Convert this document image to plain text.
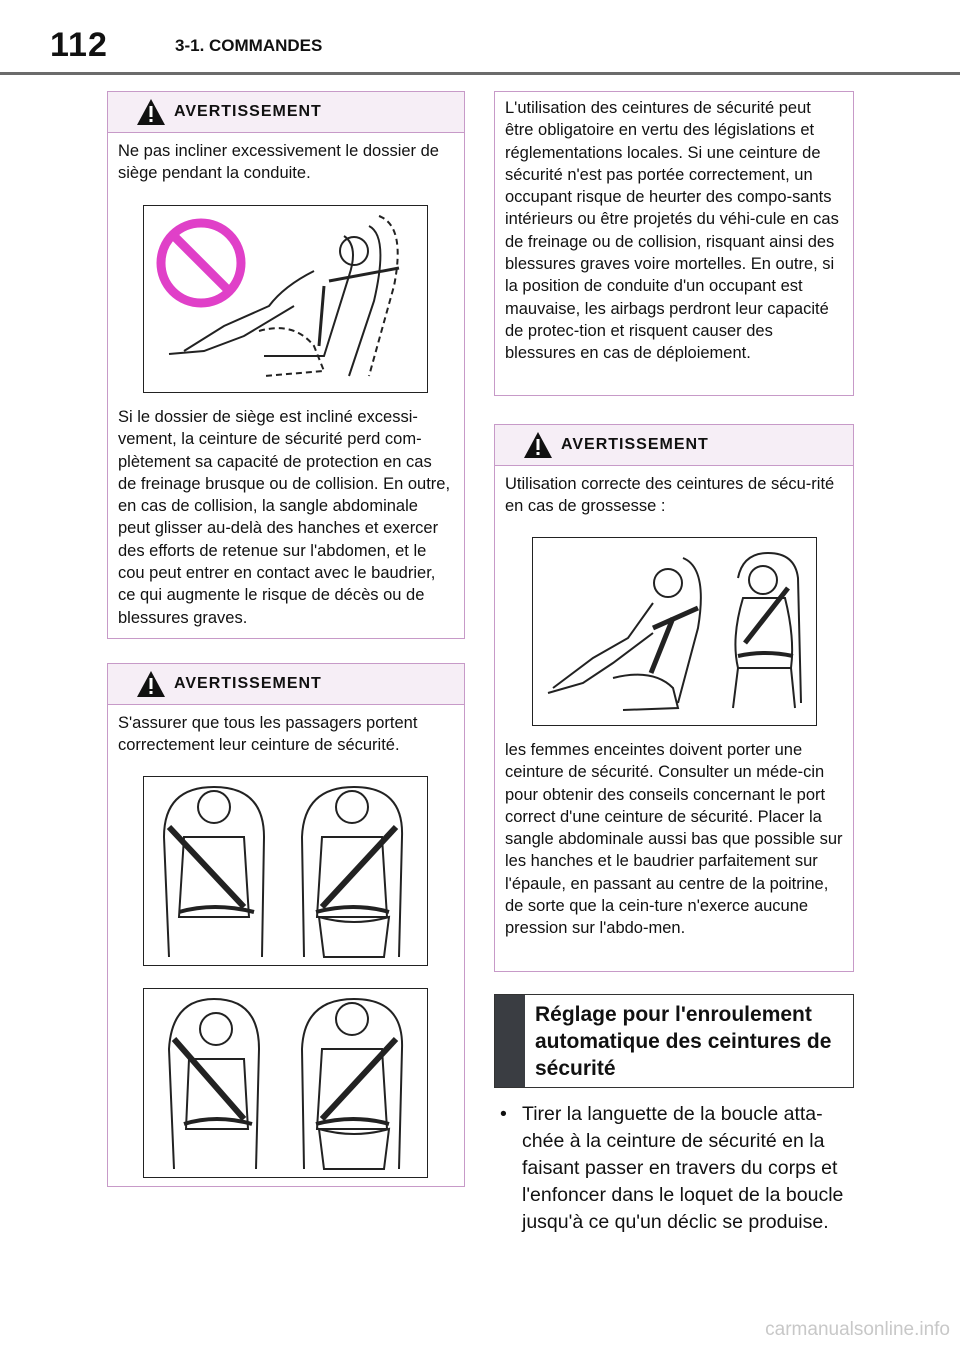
112	3-1. COMMANDES
AVERTISSEMENT

Ne pas incliner excessivement le dossier de siège pendant la conduite.

Si le dossier de siège est incliné excessi-vement, la ceinture de sécurité perd com-plètement sa capacité de protection en cas de freinage brusque ou de collision. En outre, en cas de collision, la sangle abdominale peut glisser au-delà des hanches et exercer des efforts de retenue sur l'abdomen, et le cou peut entrer en contact avec le baudrier, ce qui augmente le risque de décès ou de blessures graves.

AVERTISSEMENT

S'assurer que tous les passagers portent correctement leur ceinture de sécurité.

L'utilisation des ceintures de sécurité peut être obligatoire en vertu des législations et réglementations locales. Si une ceinture de sécurité n'est pas portée correctement, un occupant risque de heurter des compo-sants intérieurs ou être projetés du véhi-cule en cas de freinage ou de collision, risquant ainsi des blessures graves voire mortelles. En outre, si la position de conduite d'un occupant est mauvaise, les airbags perdront leur capacité de protec-tion et risquent causer des blessures en cas de déploiement.

AVERTISSEMENT

Utilisation correcte des ceintures de sécu-rité en cas de grossesse :

les femmes enceintes doivent porter une ceinture de sécurité. Consulter un méde-cin pour obtenir des conseils concernant le port correct d'une ceinture de sécurité. Placer la sangle abdominale aussi bas que possible sur les hanches et le baudrier parfaitement sur l'épaule, en passant au centre de la poitrine, de sorte que la cein-ture n'exerce aucune pression sur l'abdo-men.

Réglage pour l'enroulement automatique des ceintures de sécurité
• Tirer la languette de la boucle atta-chée à la ceinture de sécurité en la faisant passer en travers du corps et l'enfoncer dans le loquet de la boucle jusqu'à ce qu'un déclic se produise.
carmanualsonline.info
